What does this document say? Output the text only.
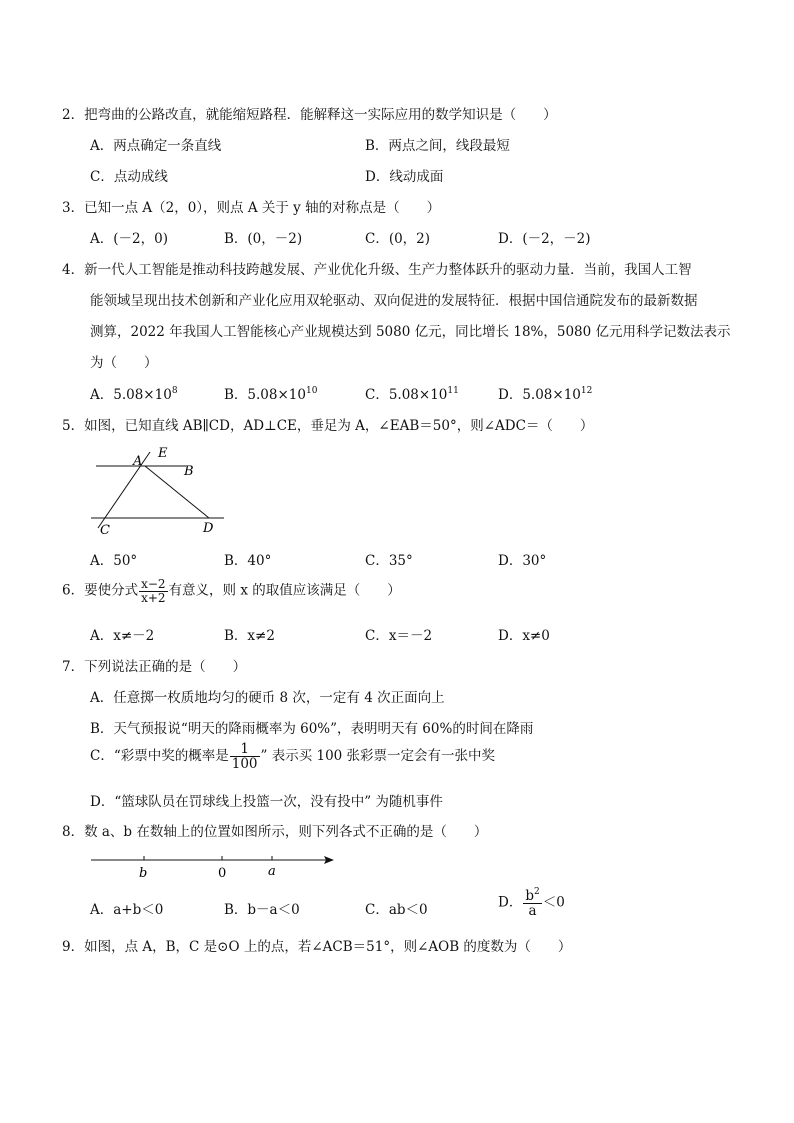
2．把弯曲的公路改直，就能缩短路程．能解释这一实际应用的数学知识是（　　）
A．两点确定一条直线	B．两点之间，线段最短
C．点动成线	D．线动成面
3．已知一点 A（2，0），则点 A 关于 y 轴的对称点是（　　）
A．(－2，0)	B．(0，－2)	C．(0，2)	D．(－2，－2)
4．新一代人工智能是推动科技跨越发展、产业优化升级、生产力整体跃升的驱动力量．当前，我国人工智
能领域呈现出技术创新和产业化应用双轮驱动、双向促进的发展特征．根据中国信通院发布的最新数据
测算，2022 年我国人工智能核心产业规模达到 5080 亿元，同比增长 18%，5080 亿元用科学记数法表示
为（　　）
A．$5.08\times 10^8$	B．$5.08\times 10^{10}$	C．$5.08\times 10^{11}$	D．$5.08\times 10^{12}$
5．如图，已知直线 AB∥CD，AD⊥CE，垂足为 A，∠EAB＝50°，则∠ADC＝（　　）
A
E
B
C	D
A．50°	B．40°	C．35°	D．30°
6．要使分式 $\frac{x-2}{x+2}$ 有意义，则 x 的取值应该满足（　　）
A．x≠－2	B．x≠2	C．x＝－2	D．x≠0
7．下列说法正确的是（　　）
A．任意掷一枚质地均匀的硬币 8 次，一定有 4 次正面向上
B．天气预报说“明天的降雨概率为 60%”，表明明天有 60%的时间在降雨
C．“彩票中奖的概率是 $\frac{1}{100}$ ” 表示买 100 张彩票一定会有一张中奖
D．“篮球队员在罚球线上投篮一次，没有投中” 为随机事件
8．数 a、b 在数轴上的位置如图所示，则下列各式不正确的是（　　）
b	0	a
A．a+b＜0	B．b－a＜0	C．ab＜0	D． $\frac{b^2}{a} <0$
9．如图，点 A，B，C 是⊙O 上的点，若∠ACB＝51°，则∠AOB 的度数为（　　）
